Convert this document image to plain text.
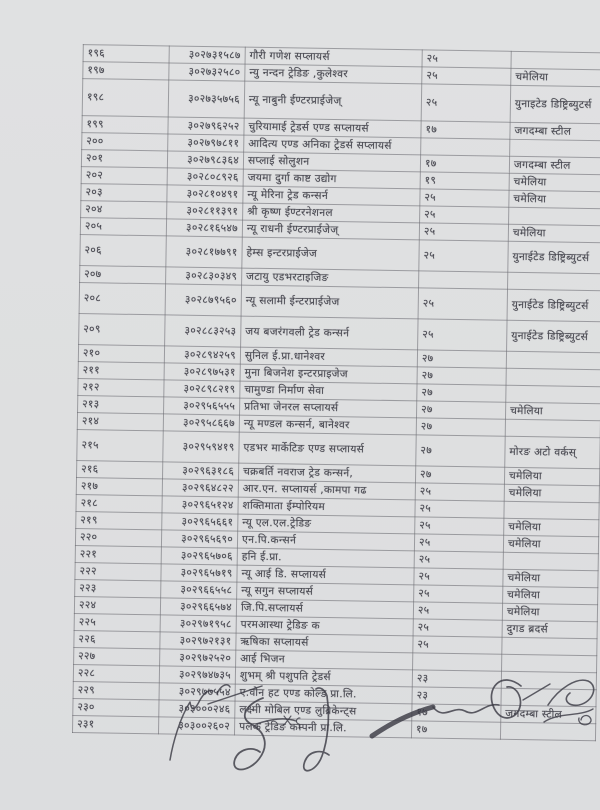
१९६	३०२७३१५८७	गौरी गणेश सप्लायर्स	२५	
१९७	३०२७३२५८०	न्यु नन्दन ट्रेडिङ ,कुलेश्वर	२५	चमेलिया
१९८	३०२७३५७५६	न्यू नाबुनी ईण्टरप्राईजेज्	२५	युनाइटेड डिष्ट्रिब्युटर्स
१९९	३०२७९६२५२	चुरियामाई ट्रेडर्स एण्ड सप्लायर्स	१७	जगदम्बा स्टील
२००	३०२७९७८११	आदित्य एण्ड अनिका ट्रेडर्स सप्लायर्स		
२०१	३०२७९८३६४	सप्लाई सोलुशन	१७	जगदम्बा स्टील
२०२	३०२८०८९२६	जयमा दुर्गा काष्ट उद्योग	१९	चमेलिया
२०३	३०२८१०४९१	न्यू मेरिना ट्रेड कन्सर्न	२५	चमेलिया
२०४	३०२८११३९१	श्री कृष्ण ईण्टरनेशनल	२५	
२०५	३०२८१६५४७	न्यू राधनी ईण्टरप्राईजेज्	२५	चमेलिया
२०६	३०२८१७७९१	हेम्स इन्टरप्राईजेज	२५	युनाईटेड डिष्ट्रिब्युटर्स
२०७	३०२८३०३४९	जटायु एडभरटाइजिङ		
२०८	३०२८७९५६०	न्यू सलामी ईन्टरप्राईजेज	२५	युनाईटेड डिष्ट्रिब्युटर्स
२०९	३०२८८३२५३	जय बजरंगवली ट्रेड कन्सर्न	२५	युनाईटेड डिष्ट्रिब्युटर्स
२१०	३०२८९४२५९	सुनिल ई.प्रा.धानेश्वर	२७	
२११	३०२८९७५३१	मुना बिजनेश इन्टरप्राइजेज	२७	
२१२	३०२८९८२१९	चामुण्डा निर्माण सेवा	२७	
२१३	३०२९५६५५५	प्रतिभा जेनरल सप्लायर्स	२७	चमेलिया
२१४	३०२९५८६६७	न्यू मण्डल कन्सर्न, बानेश्वर	२७	
२१५	३०२९५९४१९	एडभर मार्केटिङ एण्ड सप्लायर्स	२७	मोरङ अटो वर्कस्
२१६	३०२९६३१८६	चक्रबर्ति नवराज ट्रेड कन्सर्न,	२७	चमेलिया
२१७	३०२९६४८२२	आर.एन. सप्लायर्स ,कामपा गढ	२५	चमेलिया
२१८	३०२९६५१२४	शक्तिमाता ईम्पोरियम	२५	
२१९	३०२९६५६६१	न्यू एल.एल.ट्रेडिङ	२५	चमेलिया
२२०	३०२९६५६९०	एन.पि.कन्सर्न	२५	चमेलिया
२२१	३०२९६५७०६	हनि ई.प्रा.	२५	
२२२	३०२९६५७१९	न्यू आई डि. सप्लायर्स	२५	चमेलिया
२२३	३०२९६६५५८	न्यू सगुन सप्लायर्स	२५	चमेलिया
२२४	३०२९६६५७४	जि.पि.सप्लायर्स	२५	चमेलिया
२२५	३०२९७१९५८	परमआस्था ट्रेडिङ क	२५	दुगड ब्रदर्स
२२६	३०२९७२१३१	ऋषिका सप्लायर्स	२५	
२२७	३०२९७२५२०	आई भिजन		
२२८	३०२९७४७३५	शुभम् श्री पशुपति ट्रेडर्स	२३	
२२९	३०२९७७५५४	ए.वोन हट एण्ड कोल्ड प्रा.लि.	२३	
२३०	३०३०००२४६	लक्ष्मी मोबिल एण्ड लुब्रिकेन्ट्स	१७	जगदम्बा स्टील
२३१	३०३००२६०२	पलक ट्रेडिङ कम्पनी प्रा.लि.	१७	
